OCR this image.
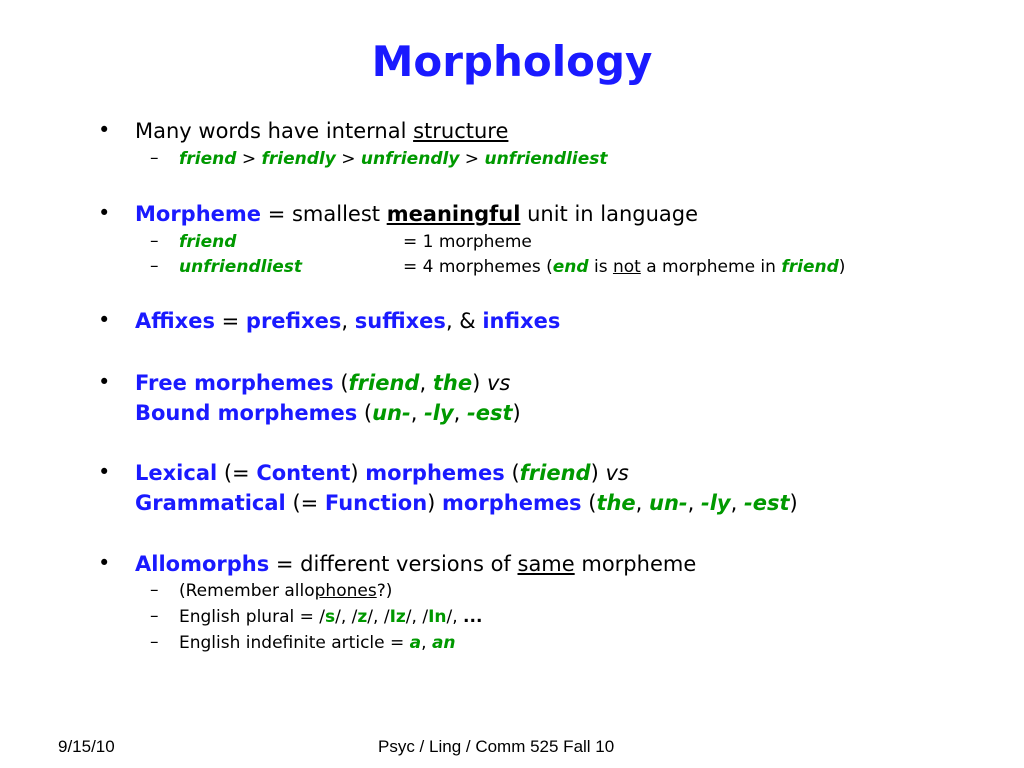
Morphology
• Many words have internal structure
– friend > friendly > unfriendly > unfriendliest
• Morpheme = smallest meaningful unit in language
– friend	= 1 morpheme
– unfriendliest	= 4 morphemes (end is not a morpheme in friend)
• Affixes = prefixes, suffixes, & infixes
• Free morphemes (friend, the) vs
Bound morphemes (un-, -ly, -est)
• Lexical (= Content) morphemes (friend) vs
Grammatical (= Function) morphemes (the, un-, -ly, -est)
• Allomorphs = different versions of same morpheme
– (Remember allophones?)
– English plural = /s/, /z/, /Iz/, /In/, ...
– English indefinite article = a, an
9/15/10	Psyc / Ling / Comm 525 Fall 10
